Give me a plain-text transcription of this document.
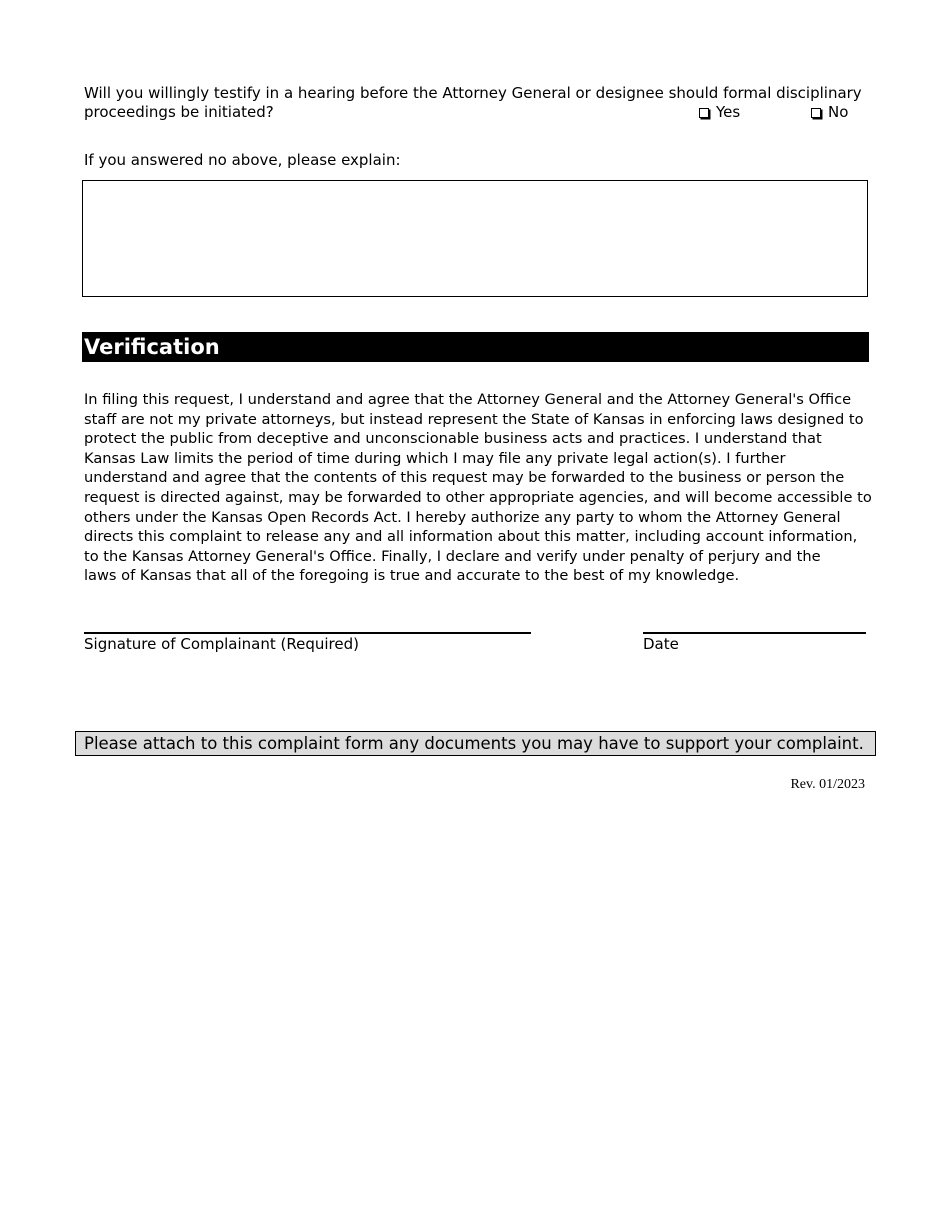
Will you willingly testify in a hearing before the Attorney General or designee should formal disciplinary
proceedings be initiated?	Yes	No
If you answered no above, please explain:
Verification
In filing this request, I understand and agree that the Attorney General and the Attorney General's Office
staff are not my private attorneys, but instead represent the State of Kansas in enforcing laws designed to
protect the public from deceptive and unconscionable business acts and practices. I understand that
Kansas Law limits the period of time during which I may file any private legal action(s). I further
understand and agree that the contents of this request may be forwarded to the business or person the
request is directed against, may be forwarded to other appropriate agencies, and will become accessible to
others under the Kansas Open Records Act. I hereby authorize any party to whom the Attorney General
directs this complaint to release any and all information about this matter, including account information,
to the Kansas Attorney General's Office. Finally, I declare and verify under penalty of perjury and the
laws of Kansas that all of the foregoing is true and accurate to the best of my knowledge.
Signature of Complainant (Required)	Date
Please attach to this complaint form any documents you may have to support your complaint.
Rev. 01/2023
